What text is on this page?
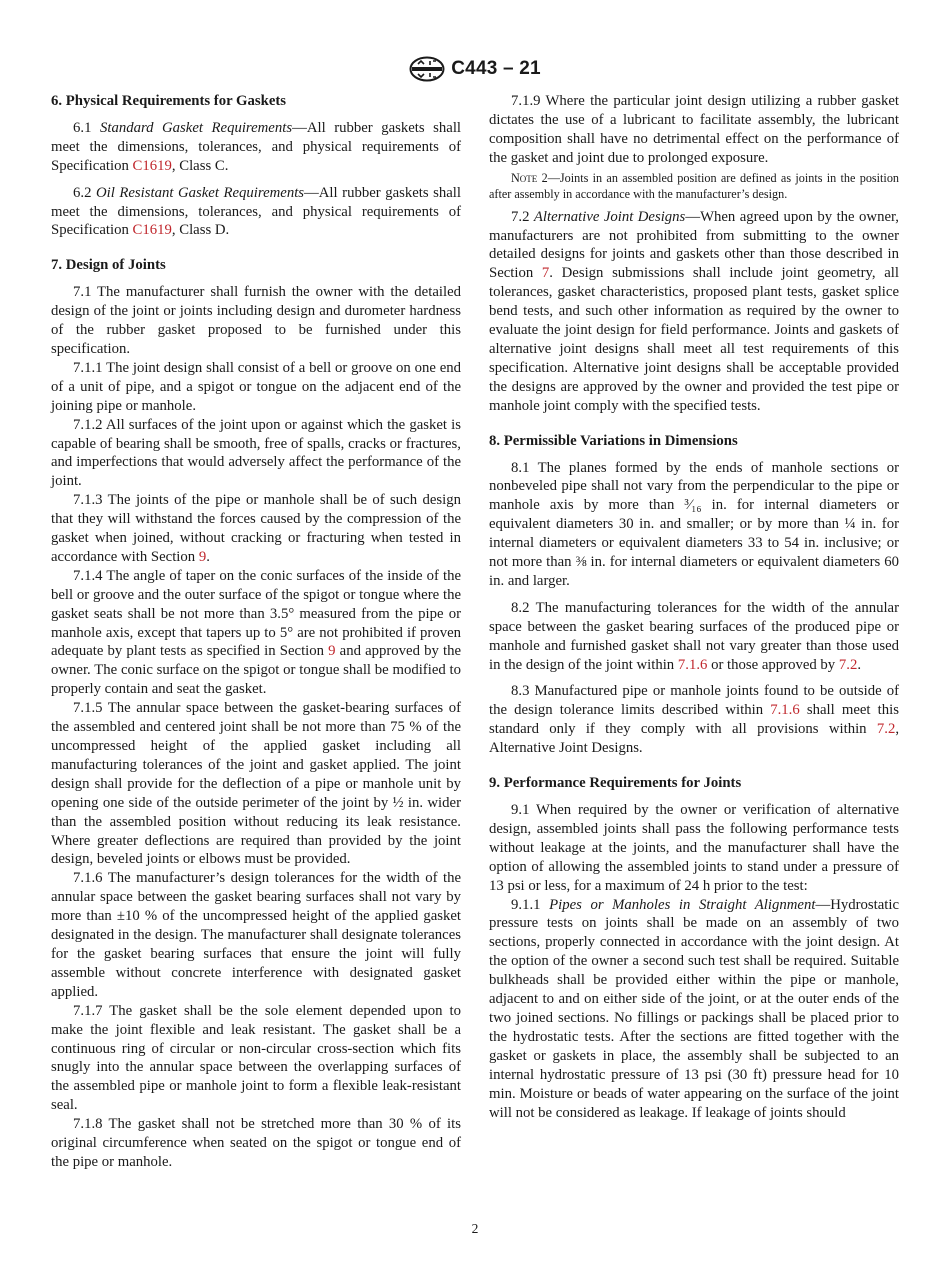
C443 – 21
6. Physical Requirements for Gaskets

6.1 Standard Gasket Requirements—All rubber gaskets shall meet the dimensions, tolerances, and physical requirements of Specification C1619, Class C.

6.2 Oil Resistant Gasket Requirements—All rubber gaskets shall meet the dimensions, tolerances, and physical requirements of Specification C1619, Class D.

7. Design of Joints

7.1 The manufacturer shall furnish the owner with the detailed design of the joint or joints including design and durometer hardness of the rubber gasket proposed to be furnished under this specification.

7.1.1 The joint design shall consist of a bell or groove on one end of a unit of pipe, and a spigot or tongue on the adjacent end of the joining pipe or manhole.

7.1.2 All surfaces of the joint upon or against which the gasket is capable of bearing shall be smooth, free of spalls, cracks or fractures, and imperfections that would adversely affect the performance of the joint.

7.1.3 The joints of the pipe or manhole shall be of such design that they will withstand the forces caused by the compression of the gasket when joined, without cracking or fracturing when tested in accordance with Section 9.

7.1.4 The angle of taper on the conic surfaces of the inside of the bell or groove and the outer surface of the spigot or tongue where the gasket seats shall be not more than 3.5° measured from the pipe or manhole axis, except that tapers up to 5° are not prohibited if proven adequate by plant tests as specified in Section 9 and approved by the owner. The conic surface on the spigot or tongue shall be modified to properly contain and seat the gasket.

7.1.5 The annular space between the gasket-bearing surfaces of the assembled and centered joint shall be not more than 75 % of the uncompressed height of the applied gasket including all manufacturing tolerances of the joint and gasket applied. The joint design shall provide for the deflection of a pipe or manhole unit by opening one side of the outside perimeter of the joint by ½ in. wider than the assembled position without reducing its leak resistance. Where greater deflections are required than provided by the joint design, beveled joints or elbows must be provided.

7.1.6 The manufacturer’s design tolerances for the width of the annular space between the gasket bearing surfaces shall not vary by more than ±10 % of the uncompressed height of the applied gasket designated in the design. The manufacturer shall designate tolerances for the gasket bearing surfaces that ensure the joint will fully assemble without concrete interference with designated gasket applied.

7.1.7 The gasket shall be the sole element depended upon to make the joint flexible and leak resistant. The gasket shall be a continuous ring of circular or non-circular cross-section which fits snugly into the annular space between the overlapping surfaces of the assembled pipe or manhole joint to form a flexible leak-resistant seal.

7.1.8 The gasket shall not be stretched more than 30 % of its original circumference when seated on the spigot or tongue end of the pipe or manhole.

7.1.9 Where the particular joint design utilizing a rubber gasket dictates the use of a lubricant to facilitate assembly, the lubricant composition shall have no detrimental effect on the performance of the gasket and joint due to prolonged exposure.

Note 2—Joints in an assembled position are defined as joints in the position after assembly in accordance with the manufacturer’s design.

7.2 Alternative Joint Designs—When agreed upon by the owner, manufacturers are not prohibited from submitting to the owner detailed designs for joints and gaskets other than those described in Section 7. Design submissions shall include joint geometry, all tolerances, gasket characteristics, proposed plant tests, gasket splice bend tests, and such other information as required by the owner to evaluate the joint design for field performance. Joints and gaskets of alternative joint designs shall meet all test requirements of this specification. Alternative joint designs shall be acceptable provided the designs are approved by the owner and provided the test pipe or manhole joint comply with the specified tests.

8. Permissible Variations in Dimensions

8.1 The planes formed by the ends of manhole sections or nonbeveled pipe shall not vary from the perpendicular to the pipe or manhole axis by more than ³⁄₁₆ in. for internal diameters or equivalent diameters 30 in. and smaller; or by more than ¼ in. for internal diameters or equivalent diameters 33 to 54 in. inclusive; or not more than ⅜ in. for internal diameters or equivalent diameters 60 in. and larger.

8.2 The manufacturing tolerances for the width of the annular space between the gasket bearing surfaces of the produced pipe or manhole and furnished gasket shall not vary greater than those used in the design of the joint within 7.1.6 or those approved by 7.2.

8.3 Manufactured pipe or manhole joints found to be outside of the design tolerance limits described within 7.1.6 shall meet this standard only if they comply with all provisions within 7.2, Alternative Joint Designs.

9. Performance Requirements for Joints

9.1 When required by the owner or verification of alternative design, assembled joints shall pass the following performance tests without leakage at the joints, and the manufacturer shall have the option of allowing the assembled joints to stand under a pressure of 13 psi or less, for a maximum of 24 h prior to the test:

9.1.1 Pipes or Manholes in Straight Alignment—Hydrostatic pressure tests on joints shall be made on an assembly of two sections, properly connected in accordance with the joint design. At the option of the owner a second such test shall be required. Suitable bulkheads shall be provided either within the pipe or manhole, adjacent to and on either side of the joint, or at the outer ends of the two joined sections. No fillings or packings shall be placed prior to the hydrostatic tests. After the sections are fitted together with the gasket or gaskets in place, the assembly shall be subjected to an internal hydrostatic pressure of 13 psi (30 ft) pressure head for 10 min. Moisture or beads of water appearing on the surface of the joint will not be considered as leakage. If leakage of joints should

2
